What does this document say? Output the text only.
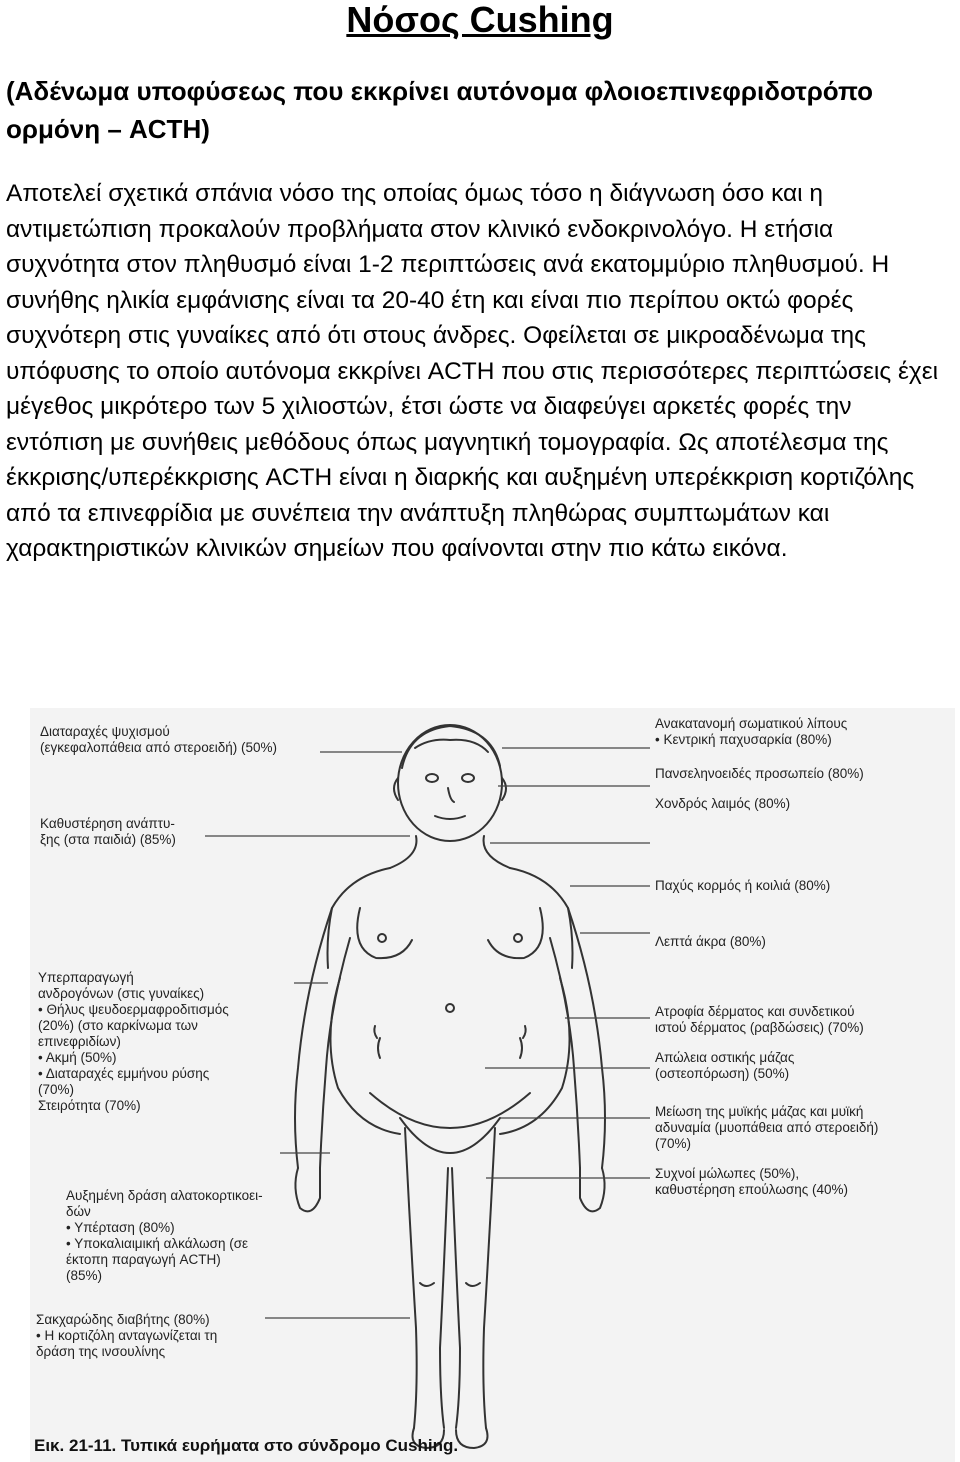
Νόσος Cushing
(Αδένωμα υποφύσεως που εκκρίνει αυτόνομα φλοιοεπινεφριδοτρόπο ορμόνη – ACTH)

Αποτελεί σχετικά σπάνια νόσο της οποίας όμως τόσο η διάγνωση όσο και η αντιμετώπιση προκαλούν προβλήματα στον κλινικό ενδοκρινολόγο. Η ετήσια συχνότητα στον πληθυσμό είναι 1-2 περιπτώσεις ανά εκατομμύριο πληθυσμού. Η συνήθης ηλικία εμφάνισης είναι τα 20-40 έτη και είναι πιο περίπου οκτώ φορές συχνότερη στις γυναίκες από ότι στους άνδρες. Οφείλεται σε μικροαδένωμα της υπόφυσης το οποίο αυτόνομα εκκρίνει ACTH που στις περισσότερες περιπτώσεις έχει μέγεθος μικρότερο των 5 χιλιοστών, έτσι ώστε να διαφεύγει αρκετές φορές την εντόπιση με συνήθεις μεθόδους όπως μαγνητική τομογραφία. Ως αποτέλεσμα της έκκρισης/υπερέκκρισης ACTH είναι η διαρκής και αυξημένη υπερέκκριση κορτιζόλης από τα επινεφρίδια με συνέπεια την ανάπτυξη πληθώρας συμπτωμάτων και χαρακτηριστικών κλινικών σημείων που φαίνονται στην πιο κάτω εικόνα.

Διαταραχές ψυχισμού
(εγκεφαλοπάθεια από στεροειδή) (50%)
Καθυστέρηση ανάπτυ-
ξης (στα παιδιά) (85%)
Υπερπαραγωγή
ανδρογόνων (στις γυναίκες)
• Θήλυς ψευδοερμαφροδιτισμός
(20%) (στο καρκίνωμα των
επινεφριδίων)
• Ακμή (50%)
• Διαταραχές εμμήνου ρύσης
(70%)
Στειρότητα (70%)
Αυξημένη δράση αλατοκορτικοει-
δών
• Υπέρταση (80%)
• Υποκαλιαιμική αλκάλωση (σε
έκτοπη παραγωγή ACTH)
(85%)
Σακχαρώδης διαβήτης (80%)
• Η κορτιζόλη ανταγωνίζεται τη
δράση της ινσουλίνης
Ανακατανομή σωματικού λίπους
• Κεντρική παχυσαρκία (80%)
Πανσεληνοειδές προσωπείο (80%)
Χονδρός λαιμός (80%)
Παχύς κορμός ή κοιλιά (80%)
Λεπτά άκρα (80%)
Ατροφία δέρματος και συνδετικού
ιστού δέρματος (ραβδώσεις) (70%)
Απώλεια οστικής μάζας
(οστεοπόρωση) (50%)
Μείωση της μυϊκής μάζας και μυϊκή
αδυναμία (μυοπάθεια από στεροειδή)
(70%)
Συχνοί μώλωπες (50%),
καθυστέρηση επούλωσης (40%)
Εικ. 21-11. Τυπικά ευρήματα στο σύνδρομο Cushing.
